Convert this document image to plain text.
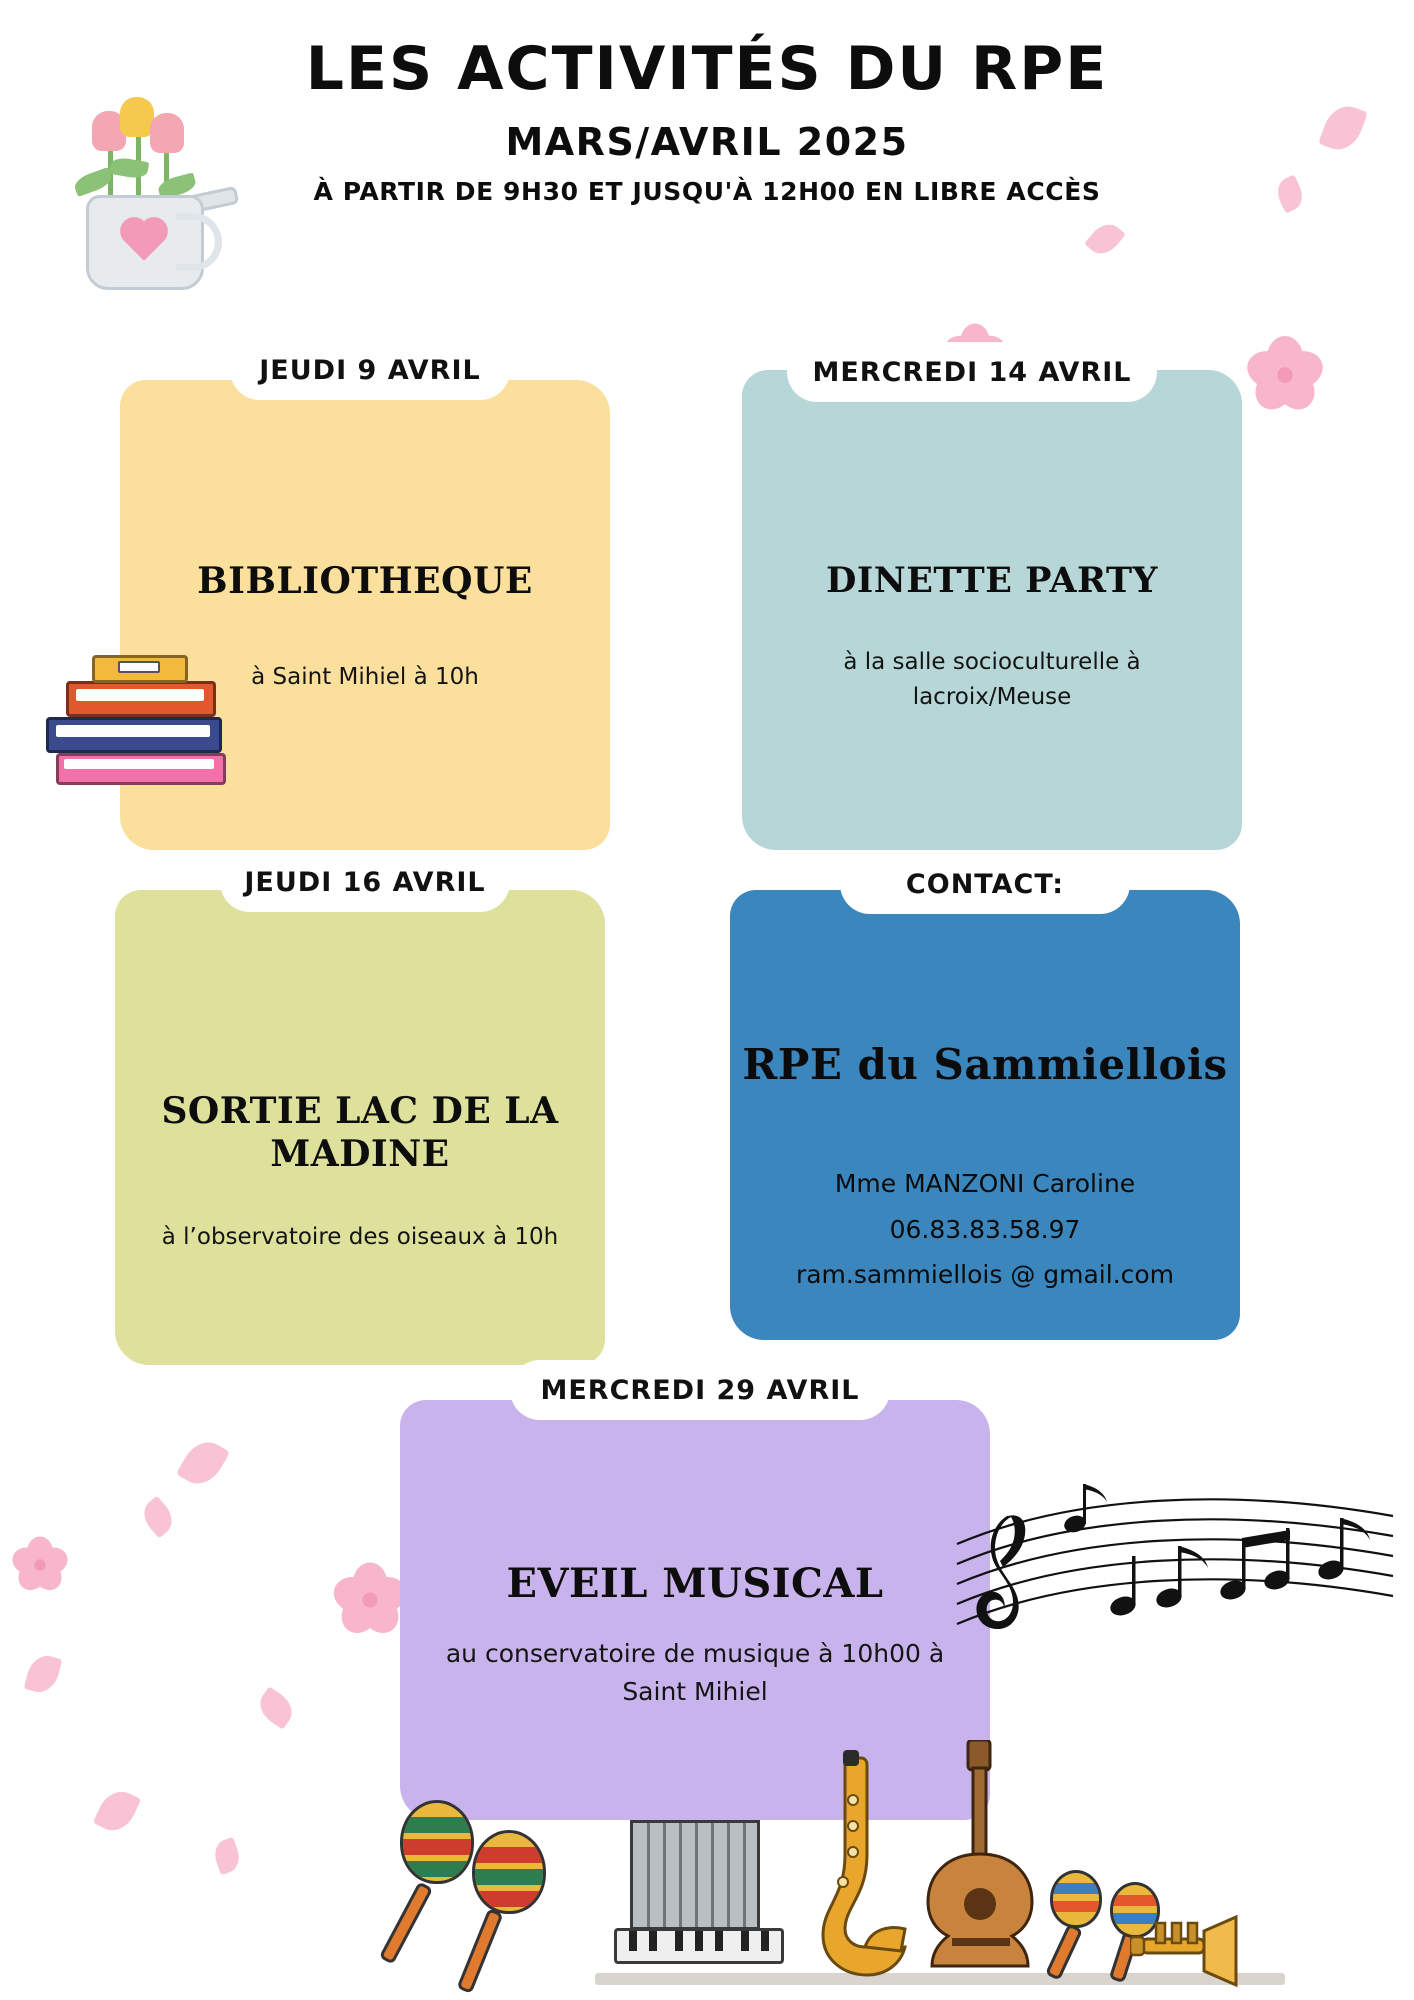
LES ACTIVITÉS DU RPE
MARS/AVRIL 2025
À PARTIR DE 9H30 ET JUSQU'À 12H00 EN LIBRE ACCÈS
JEUDI 9 AVRIL
BIBLIOTHEQUE
à Saint Mihiel à 10h
MERCREDI 14 AVRIL
DINETTE PARTY
à la salle socioculturelle à lacroix/Meuse
JEUDI 16 AVRIL
SORTIE LAC DE LA MADINE
à l’observatoire des oiseaux à 10h
CONTACT:
RPE du Sammiellois
Mme MANZONI Caroline
06.83.83.58.97
ram.sammiellois @ gmail.com
MERCREDI 29 AVRIL
EVEIL MUSICAL
au conservatoire de musique à 10h00 à Saint Mihiel
